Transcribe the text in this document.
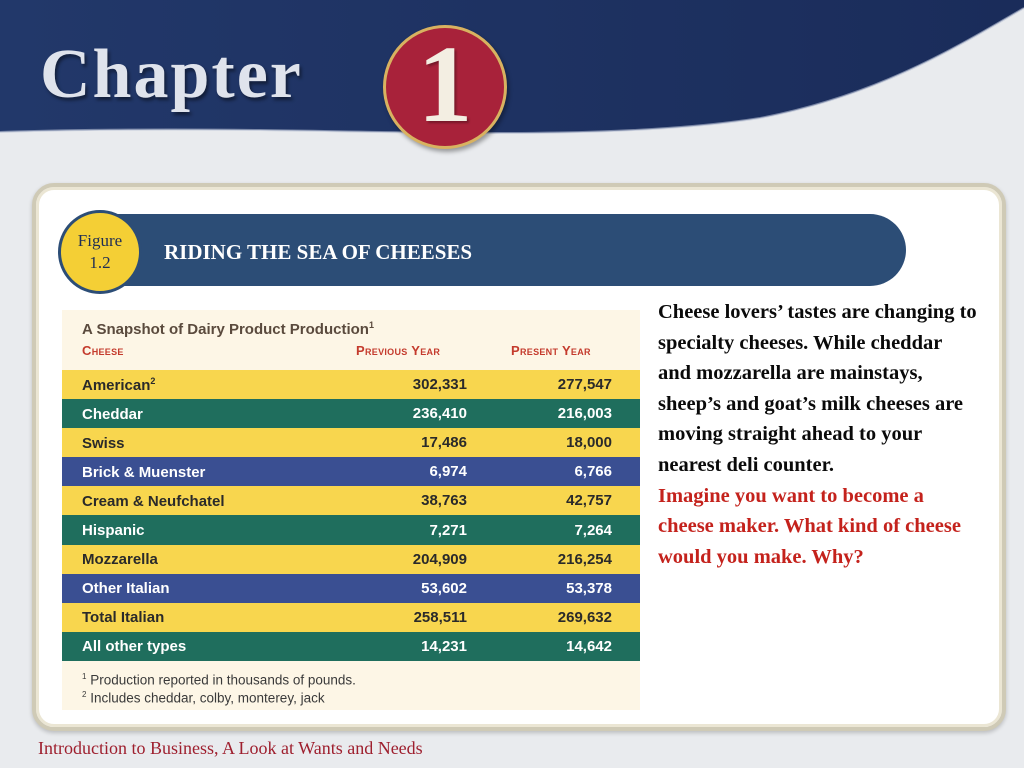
Chapter 1
RIDING THE SEA OF CHEESES
Figure
1.2
A Snapshot of Dairy Product Production$^1$
Cheese	Previous Year	Present Year
American$^2$	302,331	277,547
Cheddar	236,410	216,003
Swiss	17,486	18,000
Brick & Muenster	6,974	6,766
Cream & Neufchatel	38,763	42,757
Hispanic	7,271	7,264
Mozzarella	204,909	216,254
Other Italian	53,602	53,378
Total Italian	258,511	269,632
All other types	14,231	14,642
$^1$ Production reported in thousands of pounds.
$^2$ Includes cheddar, colby, monterey, jack
Cheese lovers’ tastes are changing to specialty cheeses. While cheddar and mozzarella are mainstays, sheep’s and goat’s milk cheeses are moving straight ahead to your nearest deli counter.
Imagine you want to become a cheese maker. What kind of cheese would you make. Why?
Introduction to Business, A Look at Wants and Needs
